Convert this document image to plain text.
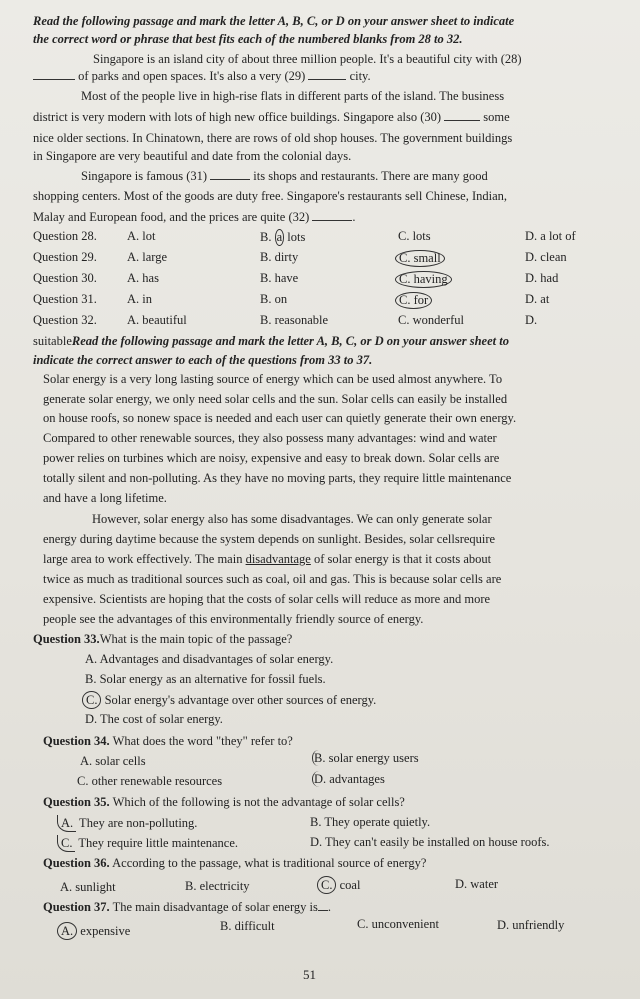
Read the following passage and mark the letter A, B, C, or D on your answer sheet to indicate
the correct word or phrase that best fits each of the numbered blanks from 28 to 32.
Singapore is an island city of about three million people. It's a beautiful city with (28)
of parks and open spaces. It's also a very (29)	city.
Most of the people live in high-rise flats in different parts of the island. The business
district is very modern with lots of high new office buildings. Singapore also (30)	some
nice older sections. In Chinatown, there are rows of old shop houses. The government buildings
in Singapore are very beautiful and date from the colonial days.
Singapore is famous (31)	its shops and restaurants. There are many good
shopping centers. Most of the goods are duty free. Singapore's restaurants sell Chinese, Indian,
Malay and European food, and the prices are quite (32)	.
Question 28. A. lot	B. a lots	C. lots	D. a lot of
Question 29. A. large	B. dirty	C. small	D. clean
Question 30. A. has	B. have	C. having	D. had
Question 31. A. in	B. on	C. for	D. at
Question 32. A. beautiful	B. reasonable	C. wonderful	D.
suitableRead the following passage and mark the letter A, B, C, or D on your answer sheet to
indicate the correct answer to each of the questions from 33 to 37.
Solar energy is a very long lasting source of energy which can be used almost anywhere. To
generate solar energy, we only need solar cells and the sun. Solar cells can easily be installed
on house roofs, so nonew space is needed and each user can quietly generate their own energy.
Compared to other renewable sources, they also possess many advantages: wind and water
power relies on turbines which are noisy, expensive and easy to break down. Solar cells are
totally silent and non-polluting. As they have no moving parts, they require little maintenance
and have a long lifetime.
However, solar energy also has some disadvantages. We can only generate solar
energy during daytime because the system depends on sunlight. Besides, solar cellsrequire
large area to work effectively. The main disadvantage of solar energy is that it costs about
twice as much as traditional sources such as coal, oil and gas. This is because solar cells are
expensive. Scientists are hoping that the costs of solar cells will reduce as more and more
people see the advantages of this environmentally friendly source of energy.
Question 33.What is the main topic of the passage?
A. Advantages and disadvantages of solar energy.
B. Solar energy as an alternative for fossil fuels.
C. Solar energy's advantage over other sources of energy.
D. The cost of solar energy.
Question 34. What does the word "they" refer to?
A. solar cells	B. solar energy users
C. other renewable resources	D. advantages
Question 35. Which of the following is not the advantage of solar cells?
A. They are non-polluting.	B. They operate quietly.
C. They require little maintenance.	D. They can't easily be installed on house roofs.
Question 36. According to the passage, what is traditional source of energy?
A. sunlight	B. electricity	C. coal	D. water
Question 37. The main disadvantage of solar energy is .
A. expensive	B. difficult	C. unconvenient	D. unfriendly
51
